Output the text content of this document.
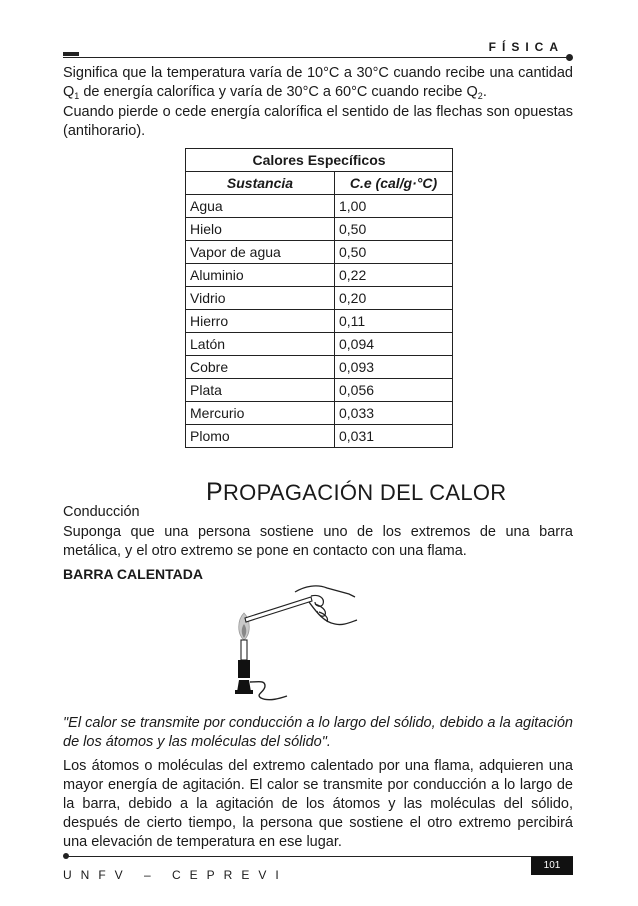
FÍSICA

Significa que la temperatura varía de 10°C a 30°C cuando recibe una cantidad $Q_1$ de energía calorífica y varía de 30°C a 60°C cuando recibe $Q_2$.

Cuando pierde o cede energía calorífica el sentido de las flechas son opuestas (antihorario).

Calores Específicos	
Sustancia	C.e (cal/g·°C)
Agua	1,00
Hielo	0,50
Vapor de agua	0,50
Aluminio	0,22
Vidrio	0,20
Hierro	0,11
Latón	0,094
Cobre	0,093
Plata	0,056
Mercurio	0,033
Plomo	0,031
PROPAGACIÓN DEL CALOR
Conducción

Suponga que una persona sostiene uno de los extremos de una barra metálica, y el otro extremo se pone en contacto con una flama.

BARRA CALENTADA

"El calor se transmite por conducción a lo largo del sólido, debido a la agitación de los átomos y las moléculas del sólido".

Los átomos o moléculas del extremo calentado por una flama, adquieren una mayor energía de agitación. El calor se transmite por conducción a lo largo de la barra, debido a la agitación de los átomos y las moléculas del sólido, después de cierto tiempo, la persona que sostiene el otro extremo percibirá una elevación de temperatura en ese lugar.

UNFV – CEPREVI
101
